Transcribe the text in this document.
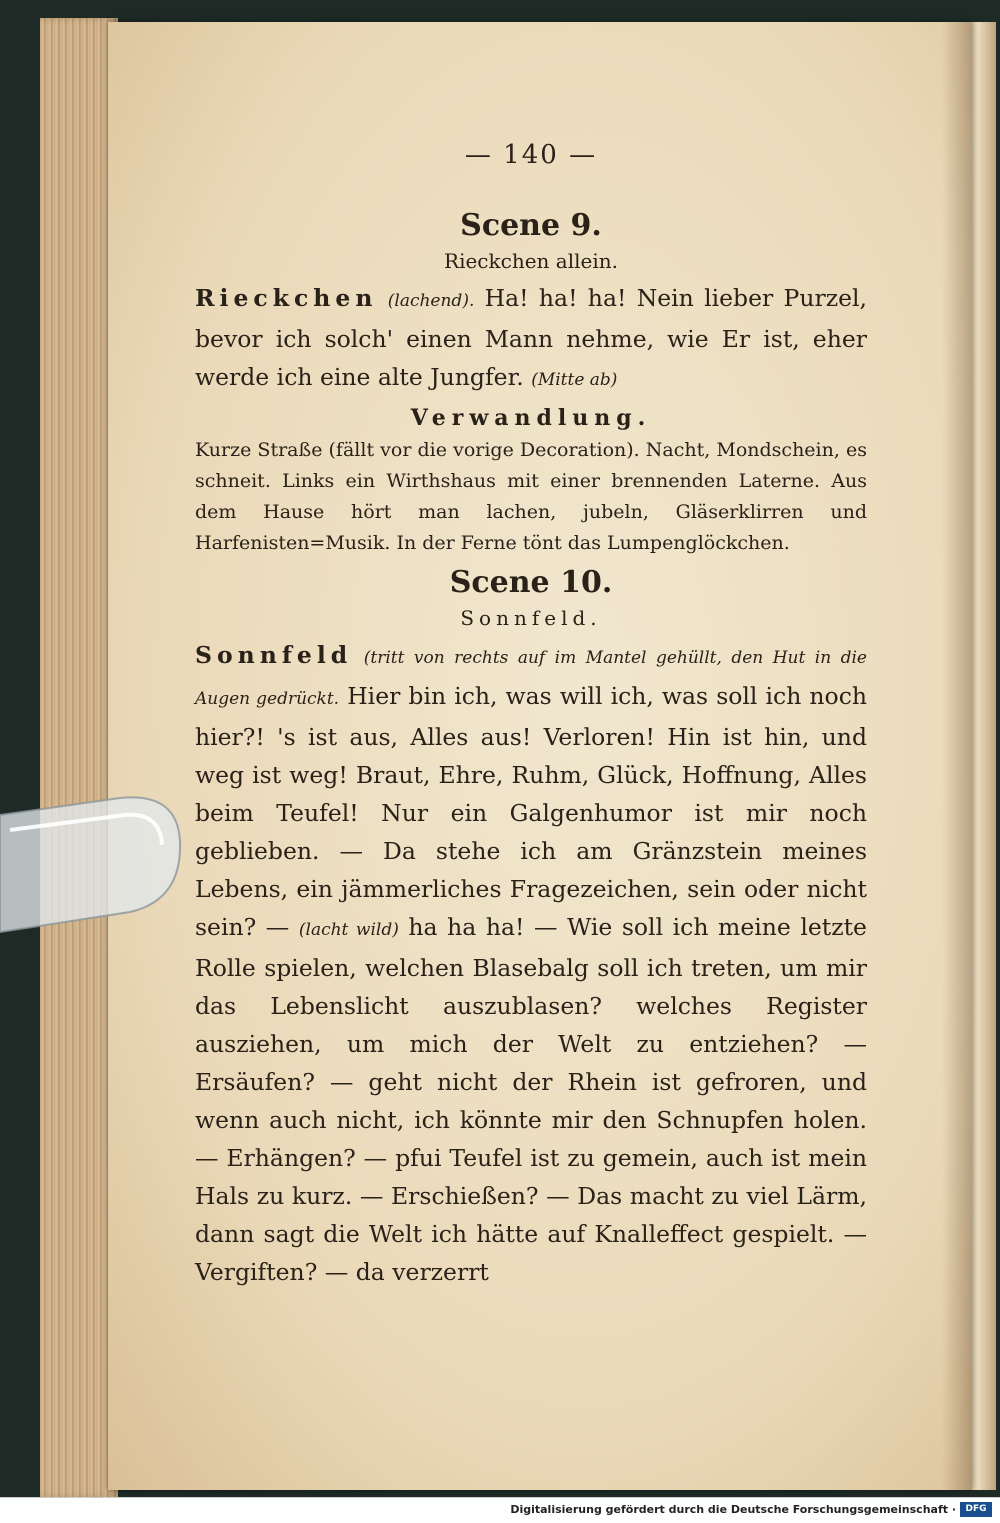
— 140 —
Scene 9.
Rieckchen allein.

Rieckchen (lachend). Ha! ha! ha! Nein lieber Purzel, bevor ich solch' einen Mann nehme, wie Er ist, eher werde ich eine alte Jungfer. (Mitte ab)

Verwandlung.

Kurze Straße (fällt vor die vorige Decoration). Nacht, Mondschein, es schneit. Links ein Wirthshaus mit einer brennenden Laterne. Aus dem Hause hört man lachen, jubeln, Gläserklirren und Harfenisten=Musik. In der Ferne tönt das Lumpenglöckchen.

Scene 10.
Sonnfeld.

Sonnfeld (tritt von rechts auf im Mantel gehüllt, den Hut in die Augen gedrückt. Hier bin ich, was will ich, was soll ich noch hier?! 's ist aus, Alles aus! Verloren! Hin ist hin, und weg ist weg! Braut, Ehre, Ruhm, Glück, Hoffnung, Alles beim Teufel! Nur ein Galgenhumor ist mir noch geblieben. — Da stehe ich am Gränzstein meines Lebens, ein jämmerliches Fragezeichen, sein oder nicht sein? — (lacht wild) ha ha ha! — Wie soll ich meine letzte Rolle spielen, welchen Blasebalg soll ich treten, um mir das Lebenslicht auszublasen? welches Register ausziehen, um mich der Welt zu entziehen? — Ersäufen? — geht nicht der Rhein ist gefroren, und wenn auch nicht, ich könnte mir den Schnupfen holen. — Erhängen? — pfui Teufel ist zu gemein, auch ist mein Hals zu kurz. — Erschießen? — Das macht zu viel Lärm, dann sagt die Welt ich hätte auf Knalleffect gespielt. — Vergiften? — da verzerrt

Digitalisierung gefördert durch die Deutsche Forschungsgemeinschaft ·	DFG
